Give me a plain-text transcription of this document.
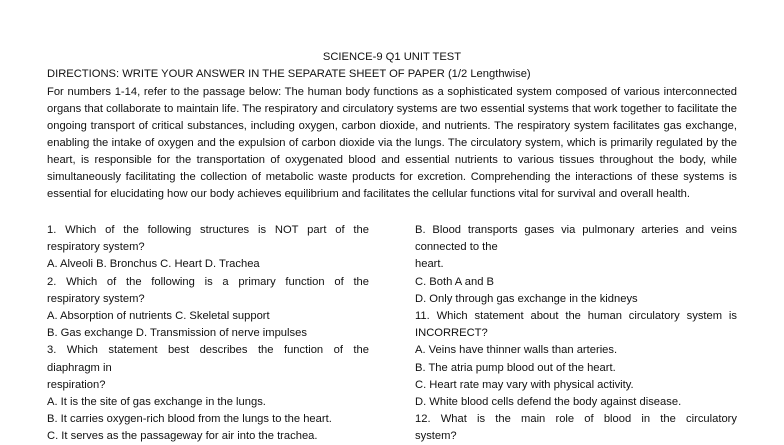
SCIENCE-9 Q1 UNIT TEST
DIRECTIONS: WRITE YOUR ANSWER IN THE SEPARATE SHEET OF PAPER (1/2 Lengthwise)

For numbers 1-14, refer to the passage below: The human body functions as a sophisticated system composed of various interconnected organs that collaborate to maintain life. The respiratory and circulatory systems are two essential systems that work together to facilitate the ongoing transport of critical substances, including oxygen, carbon dioxide, and nutrients. The respiratory system facilitates gas exchange, enabling the intake of oxygen and the expulsion of carbon dioxide via the lungs. The circulatory system, which is primarily regulated by the heart, is responsible for the transportation of oxygenated blood and essential nutrients to various tissues throughout the body, while simultaneously facilitating the collection of metabolic waste products for excretion. Comprehending the interactions of these systems is essential for elucidating how our body achieves equilibrium and facilitates the cellular functions vital for survival and overall health.

1. Which of the following structures is NOT part of the
respiratory system?
A. Alveoli B. Bronchus C. Heart D. Trachea
2. Which of the following is a primary function of the
respiratory system?
A. Absorption of nutrients C. Skeletal support
B. Gas exchange D. Transmission of nerve impulses
3. Which statement best describes the function of the
diaphragm in
respiration?
A. It is the site of gas exchange in the lungs.
B. It carries oxygen-rich blood from the lungs to the heart.
C. It serves as the passageway for air into the trachea.
B. Blood transports gases via pulmonary arteries and veins
connected to the
heart.
C. Both A and B
D. Only through gas exchange in the kidneys
11. Which statement about the human circulatory system is
INCORRECT?
A. Veins have thinner walls than arteries.
B. The atria pump blood out of the heart.
C. Heart rate may vary with physical activity.
D. White blood cells defend the body against disease.
12. What is the main role of blood in the circulatory
system?
